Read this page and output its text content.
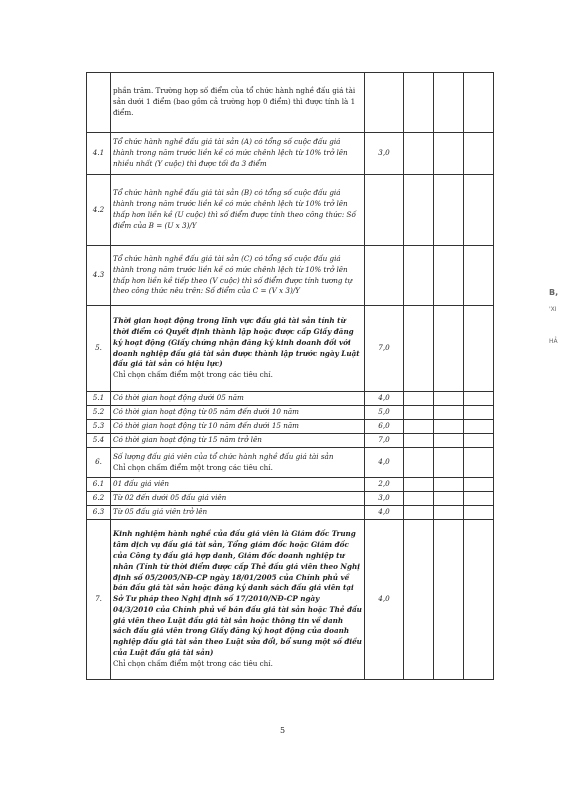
	phần trăm. Trường hợp số điểm của tổ chức hành nghề đấu giá tài sản dưới 1 điểm (bao gồm cả trường hợp 0 điểm) thì được tính là 1 điểm.				
4.1	Tổ chức hành nghề đấu giá tài sản (A) có tổng số cuộc đấu giá thành trong năm trước liền kề có mức chênh lệch từ 10% trở lên nhiều nhất (Y cuộc) thì được tối đa 3 điểm	3,0			
4.2	Tổ chức hành nghề đấu giá tài sản (B) có tổng số cuộc đấu giá thành trong năm trước liền kề có mức chênh lệch từ 10% trở lên thấp hơn liền kề (U cuộc) thì số điểm được tính theo công thức: Số điểm của B = (U x 3)/Y				
4.3	Tổ chức hành nghề đấu giá tài sản (C) có tổng số cuộc đấu giá thành trong năm trước liền kề có mức chênh lệch từ 10% trở lên thấp hơn liền kề tiếp theo (V cuộc) thì số điểm được tính tương tự theo công thức nêu trên: Số điểm của C = (V x 3)/Y				
5.	Thời gian hoạt động trong lĩnh vực đấu giá tài sản tính từ thời điểm có Quyết định thành lập hoặc được cấp Giấy đăng ký hoạt động (Giấy chứng nhận đăng ký kinh doanh đối với doanh nghiệp đấu giá tài sản được thành lập trước ngày Luật đấu giá tài sản có hiệu lực)
Chỉ chọn chấm điểm một trong các tiêu chí.	7,0			
5.1	Có thời gian hoạt động dưới 05 năm	4,0			
5.2	Có thời gian hoạt động từ 05 năm đến dưới 10 năm	5,0			
5.3	Có thời gian hoạt động từ 10 năm đến dưới 15 năm	6,0			
5.4	Có thời gian hoạt động từ 15 năm trở lên	7,0			
6.	Số lượng đấu giá viên của tổ chức hành nghề đấu giá tài sản
Chỉ chọn chấm điểm một trong các tiêu chí.	4,0			
6.1	01 đấu giá viên	2,0			
6.2	Từ 02 đến dưới 05 đấu giá viên	3,0			
6.3	Từ 05 đấu giá viên trở lên	4,0			
7.	Kinh nghiệm hành nghề của đấu giá viên là Giám đốc Trung tâm dịch vụ đấu giá tài sản, Tổng giám đốc hoặc Giám đốc của Công ty đấu giá hợp danh, Giám đốc doanh nghiệp tư nhân (Tính từ thời điểm được cấp Thẻ đấu giá viên theo Nghị định số 05/2005/NĐ-CP ngày 18/01/2005 của Chính phủ về bán đấu giá tài sản hoặc đăng ký danh sách đấu giá viên tại Sở Tư pháp theo Nghị định số 17/2010/NĐ-CP ngày 04/3/2010 của Chính phủ về bán đấu giá tài sản hoặc Thẻ đấu giá viên theo Luật đấu giá tài sản hoặc thông tin về danh sách đấu giá viên trong Giấy đăng ký hoạt động của doanh nghiệp đấu giá tài sản theo Luật sửa đổi, bổ sung một số điều của Luật đấu giá tài sản)
Chỉ chọn chấm điểm một trong các tiêu chí.	4,0			
5
B,
'XI
HẢ
